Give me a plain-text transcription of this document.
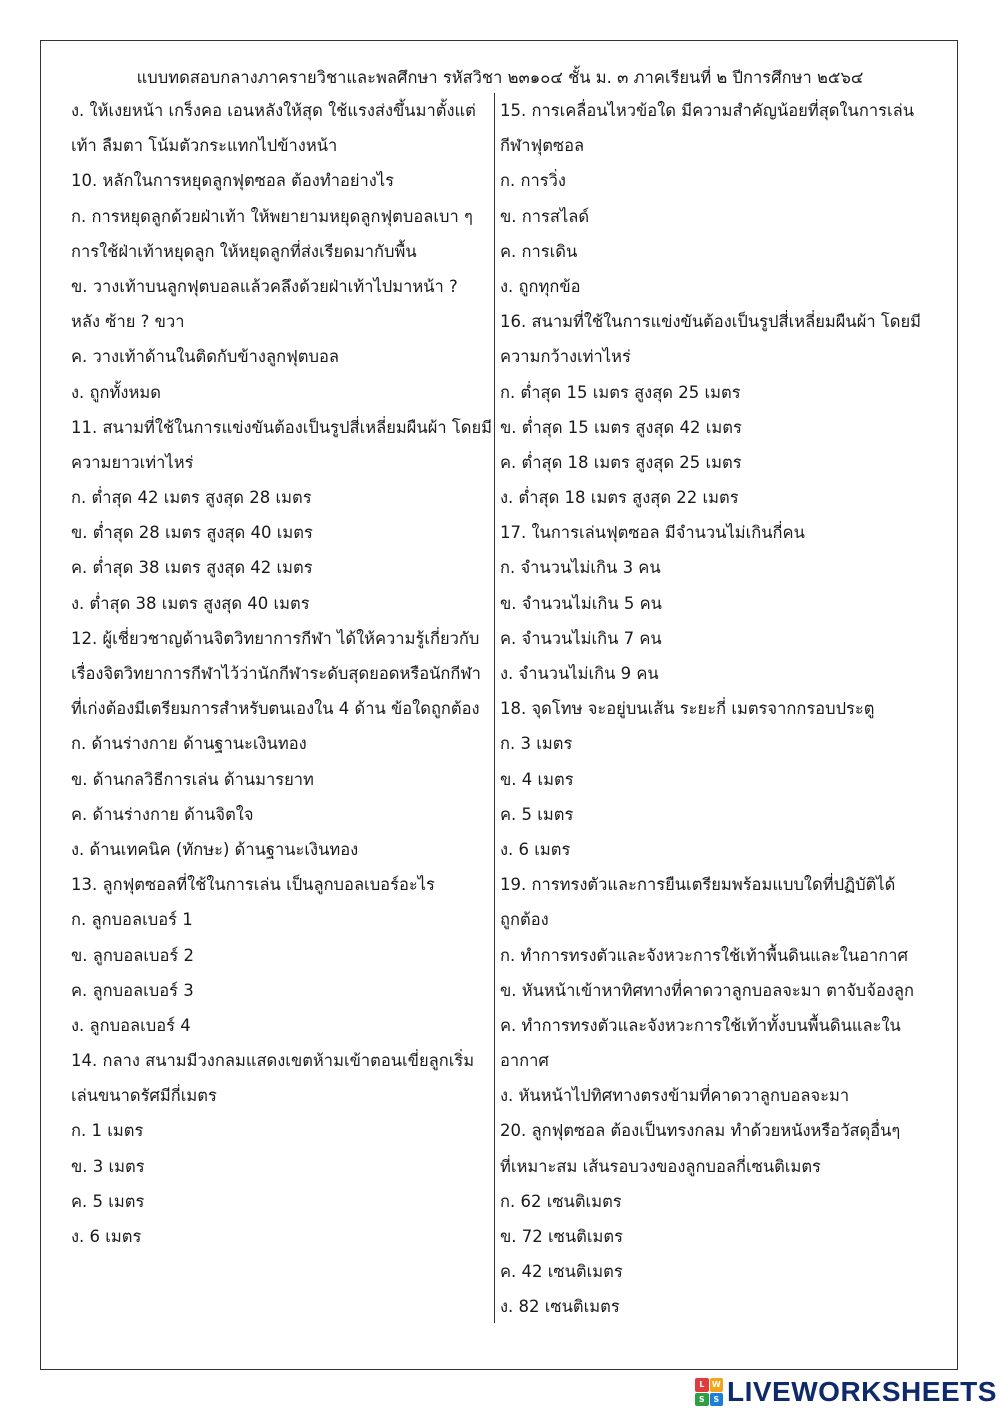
แบบทดสอบกลางภาครายวิชาและพลศึกษา รหัสวิชา ๒๓๑๐๔ ชั้น ม. ๓ ภาคเรียนที่ ๒ ปีการศึกษา ๒๕๖๔
ง. ให้เงยหน้า เกร็งคอ เอนหลังให้สุด ใช้แรงส่งขึ้นมาตั้งแต่
เท้า ลืมตา โน้มตัวกระแทกไปข้างหน้า
10. หลักในการหยุดลูกฟุตซอล ต้องทำอย่างไร
ก. การหยุดลูกด้วยฝ่าเท้า ให้พยายามหยุดลูกฟุตบอลเบา ๆ
การใช้ฝ่าเท้าหยุดลูก ให้หยุดลูกที่ส่งเรียดมากับพื้น
ข. วางเท้าบนลูกฟุตบอลแล้วคลึงด้วยฝ่าเท้าไปมาหน้า ?
หลัง ซ้าย ? ขวา
ค. วางเท้าด้านในติดกับข้างลูกฟุตบอล
ง. ถูกทั้งหมด
11. สนามที่ใช้ในการแข่งขันต้องเป็นรูปสี่เหลี่ยมผืนผ้า โดยมี
ความยาวเท่าไหร่
ก. ต่ำสุด 42 เมตร สูงสุด 28 เมตร
ข. ต่ำสุด 28 เมตร สูงสุด 40 เมตร
ค. ต่ำสุด 38 เมตร สูงสุด 42 เมตร
ง. ต่ำสุด 38 เมตร สูงสุด 40 เมตร
12. ผู้เชี่ยวชาญด้านจิตวิทยาการกีฬา ได้ให้ความรู้เกี่ยวกับ
เรื่องจิตวิทยาการกีฬาไว้ว่านักกีฬาระดับสุดยอดหรือนักกีฬา
ที่เก่งต้องมีเตรียมการสำหรับตนเองใน 4 ด้าน ข้อใดถูกต้อง
ก. ด้านร่างกาย ด้านฐานะเงินทอง
ข. ด้านกลวิธีการเล่น ด้านมารยาท
ค. ด้านร่างกาย ด้านจิตใจ
ง. ด้านเทคนิค (ทักษะ) ด้านฐานะเงินทอง
13. ลูกฟุตซอลที่ใช้ในการเล่น เป็นลูกบอลเบอร์อะไร
ก. ลูกบอลเบอร์ 1
ข. ลูกบอลเบอร์ 2
ค. ลูกบอลเบอร์ 3
ง. ลูกบอลเบอร์ 4
14. กลาง สนามมีวงกลมแสดงเขตห้ามเข้าตอนเขี่ยลูกเริ่ม
เล่นขนาดรัศมีกี่เมตร
ก. 1 เมตร
ข. 3 เมตร
ค. 5 เมตร
ง. 6 เมตร
15. การเคลื่อนไหวข้อใด มีความสำคัญน้อยที่สุดในการเล่น
กีฬาฟุตซอล
ก. การวิ่ง
ข. การสไลด์
ค. การเดิน
ง. ถูกทุกข้อ
16. สนามที่ใช้ในการแข่งขันต้องเป็นรูปสี่เหลี่ยมผืนผ้า โดยมี
ความกว้างเท่าไหร่
ก. ต่ำสุด 15 เมตร สูงสุด 25 เมตร
ข. ต่ำสุด 15 เมตร สูงสุด 42 เมตร
ค. ต่ำสุด 18 เมตร สูงสุด 25 เมตร
ง. ต่ำสุด 18 เมตร สูงสุด 22 เมตร
17. ในการเล่นฟุตซอล มีจำนวนไม่เกินกี่คน
ก. จำนวนไม่เกิน 3 คน
ข. จำนวนไม่เกิน 5 คน
ค. จำนวนไม่เกิน 7 คน
ง. จำนวนไม่เกิน 9 คน
18. จุดโทษ จะอยู่บนเส้น ระยะกี่ เมตรจากกรอบประตู
ก. 3 เมตร
ข. 4 เมตร
ค. 5 เมตร
ง. 6 เมตร
19. การทรงตัวและการยืนเตรียมพร้อมแบบใดที่ปฏิบัติได้
ถูกต้อง
ก. ทำการทรงตัวและจังหวะการใช้เท้าพื้นดินและในอากาศ
ข. หันหน้าเข้าหาทิศทางที่คาดวาลูกบอลจะมา ตาจับจ้องลูก
ค. ทำการทรงตัวและจังหวะการใช้เท้าทั้งบนพื้นดินและใน
อากาศ
ง. หันหน้าไปทิศทางตรงข้ามที่คาดวาลูกบอลจะมา
20. ลูกฟุตซอล ต้องเป็นทรงกลม ทำด้วยหนังหรือวัสดุอื่นๆ
ที่เหมาะสม เส้นรอบวงของลูกบอลกี่เซนติเมตร
ก. 62 เซนติเมตร
ข. 72 เซนติเมตร
ค. 42 เซนติเมตร
ง. 82 เซนติเมตร
L W
S	S LIVEWORKSHEETS
